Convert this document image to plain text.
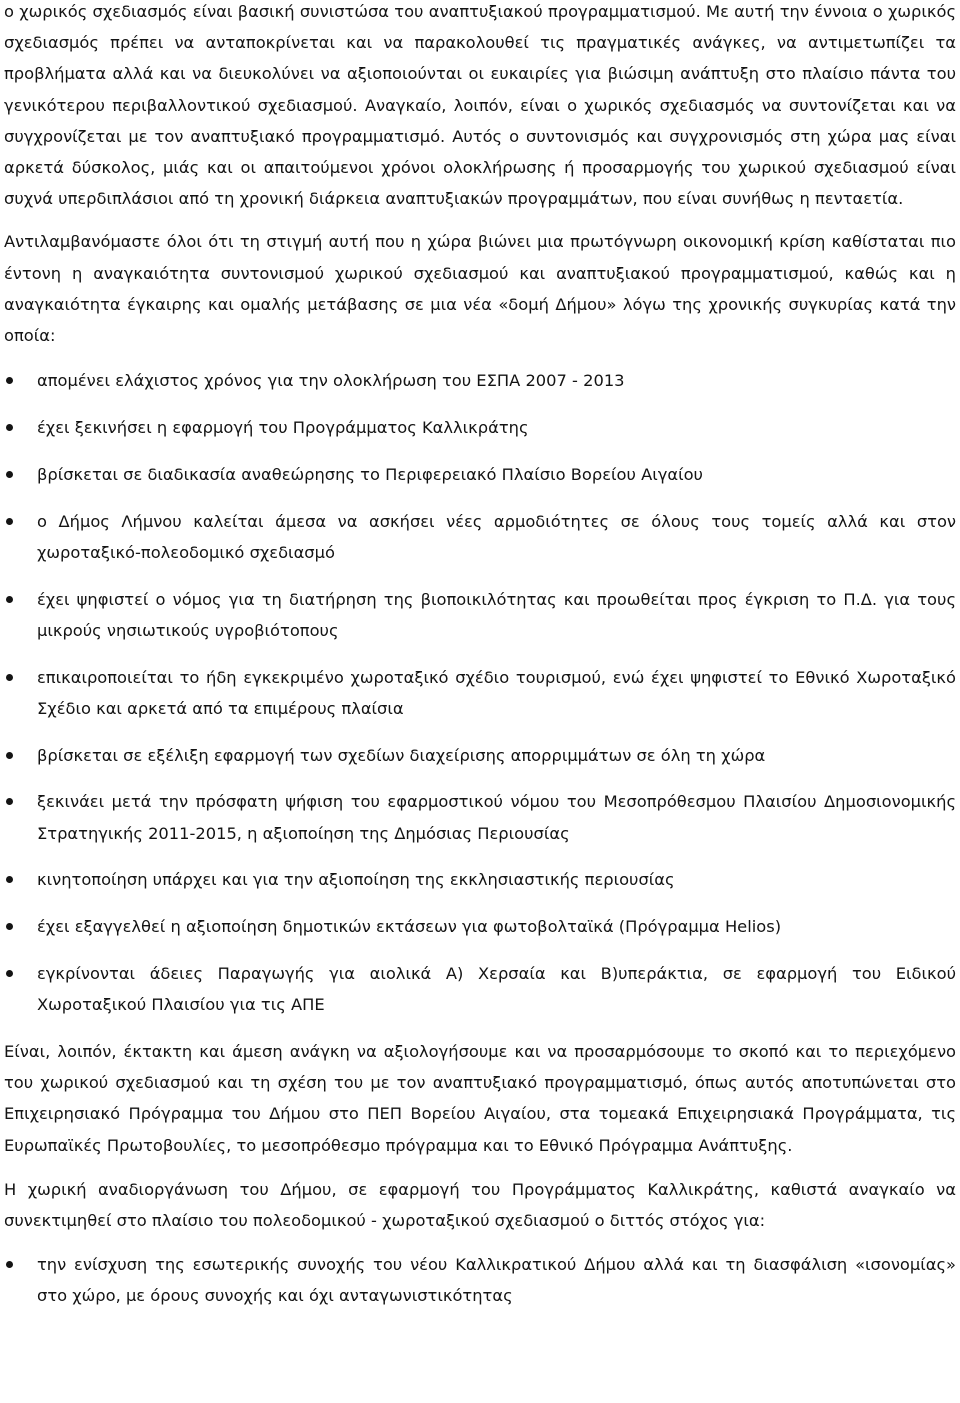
ο χωρικός σχεδιασμός είναι βασική συνιστώσα του αναπτυξιακού προγραμματισμού. Με αυτή την έννοια ο χωρικός σχεδιασμός πρέπει να ανταποκρίνεται και να παρακολουθεί τις πραγματικές ανάγκες, να αντιμετωπίζει τα προβλήματα αλλά και να διευκολύνει να αξιοποιούνται οι ευκαιρίες για βιώσιμη ανάπτυξη στο πλαίσιο πάντα του γενικότερου περιβαλλοντικού σχεδιασμού. Αναγκαίο, λοιπόν, είναι ο χωρικός σχεδιασμός να συντονίζεται και να συγχρονίζεται με τον αναπτυξιακό προγραμματισμό. Αυτός ο συντονισμός και συγχρονισμός στη χώρα μας είναι αρκετά δύσκολος, μιάς και οι απαιτούμενοι χρόνοι ολοκλήρωσης ή προσαρμογής του χωρικού σχεδιασμού είναι συχνά υπερδιπλάσιοι από τη χρονική διάρκεια αναπτυξιακών προγραμμάτων, που είναι συνήθως η πενταετία.

Αντιλαμβανόμαστε όλοι ότι τη στιγμή αυτή που η χώρα βιώνει μια πρωτόγνωρη οικονομική κρίση καθίσταται πιο έντονη η αναγκαιότητα συντονισμού χωρικού σχεδιασμού και αναπτυξιακού προγραμματισμού, καθώς και η αναγκαιότητα έγκαιρης και ομαλής μετάβασης σε μια νέα «δομή Δήμου» λόγω της χρονικής συγκυρίας κατά την οποία:

απομένει ελάχιστος χρόνος για την ολοκλήρωση του ΕΣΠΑ 2007 - 2013
έχει ξεκινήσει η εφαρμογή του Προγράμματος Καλλικράτης
βρίσκεται σε διαδικασία αναθεώρησης το Περιφερειακό Πλαίσιο Βορείου Αιγαίου
ο Δήμος Λήμνου καλείται άμεσα να ασκήσει νέες αρμοδιότητες σε όλους τους τομείς αλλά και στον χωροταξικό-πολεοδομικό σχεδιασμό
έχει ψηφιστεί ο νόμος για τη διατήρηση της βιοποικιλότητας και προωθείται προς έγκριση το Π.Δ. για τους μικρούς νησιωτικούς υγροβιότοπους
επικαιροποιείται το ήδη εγκεκριμένο χωροταξικό σχέδιο τουρισμού, ενώ έχει ψηφιστεί το Εθνικό Χωροταξικό Σχέδιο και αρκετά από τα επιμέρους πλαίσια
βρίσκεται σε εξέλιξη εφαρμογή των σχεδίων διαχείρισης απορριμμάτων σε όλη τη χώρα
ξεκινάει μετά την πρόσφατη ψήφιση του εφαρμοστικού νόμου του Μεσοπρόθεσμου Πλαισίου Δημοσιονομικής Στρατηγικής 2011-2015, η αξιοποίηση της Δημόσιας Περιουσίας
κινητοποίηση υπάρχει και για την αξιοποίηση της εκκλησιαστικής περιουσίας
έχει εξαγγελθεί η αξιοποίηση δημοτικών εκτάσεων για φωτοβολταϊκά (Πρόγραμμα Helios)
εγκρίνονται άδειες Παραγωγής για αιολικά Α) Χερσαία και Β)υπεράκτια, σε εφαρμογή του Ειδικού Χωροταξικού Πλαισίου για τις ΑΠΕ

Είναι, λοιπόν, έκτακτη και άμεση ανάγκη να αξιολογήσουμε και να προσαρμόσουμε το σκοπό και το περιεχόμενο του χωρικού σχεδιασμού και τη σχέση του με τον αναπτυξιακό προγραμματισμό, όπως αυτός αποτυπώνεται στο Επιχειρησιακό Πρόγραμμα του Δήμου στο ΠΕΠ Βορείου Αιγαίου, στα τομεακά Επιχειρησιακά Προγράμματα, τις Ευρωπαϊκές Πρωτοβουλίες, το μεσοπρόθεσμο πρόγραμμα και το Εθνικό Πρόγραμμα Ανάπτυξης.

Η χωρική αναδιοργάνωση του Δήμου, σε εφαρμογή του Προγράμματος Καλλικράτης, καθιστά αναγκαίο να συνεκτιμηθεί στο πλαίσιο του πολεοδομικού - χωροταξικού σχεδιασμού ο διττός στόχος για:

την ενίσχυση της εσωτερικής συνοχής του νέου Καλλικρατικού Δήμου αλλά και τη διασφάλιση «ισονομίας» στο χώρο, με όρους συνοχής και όχι ανταγωνιστικότητας
